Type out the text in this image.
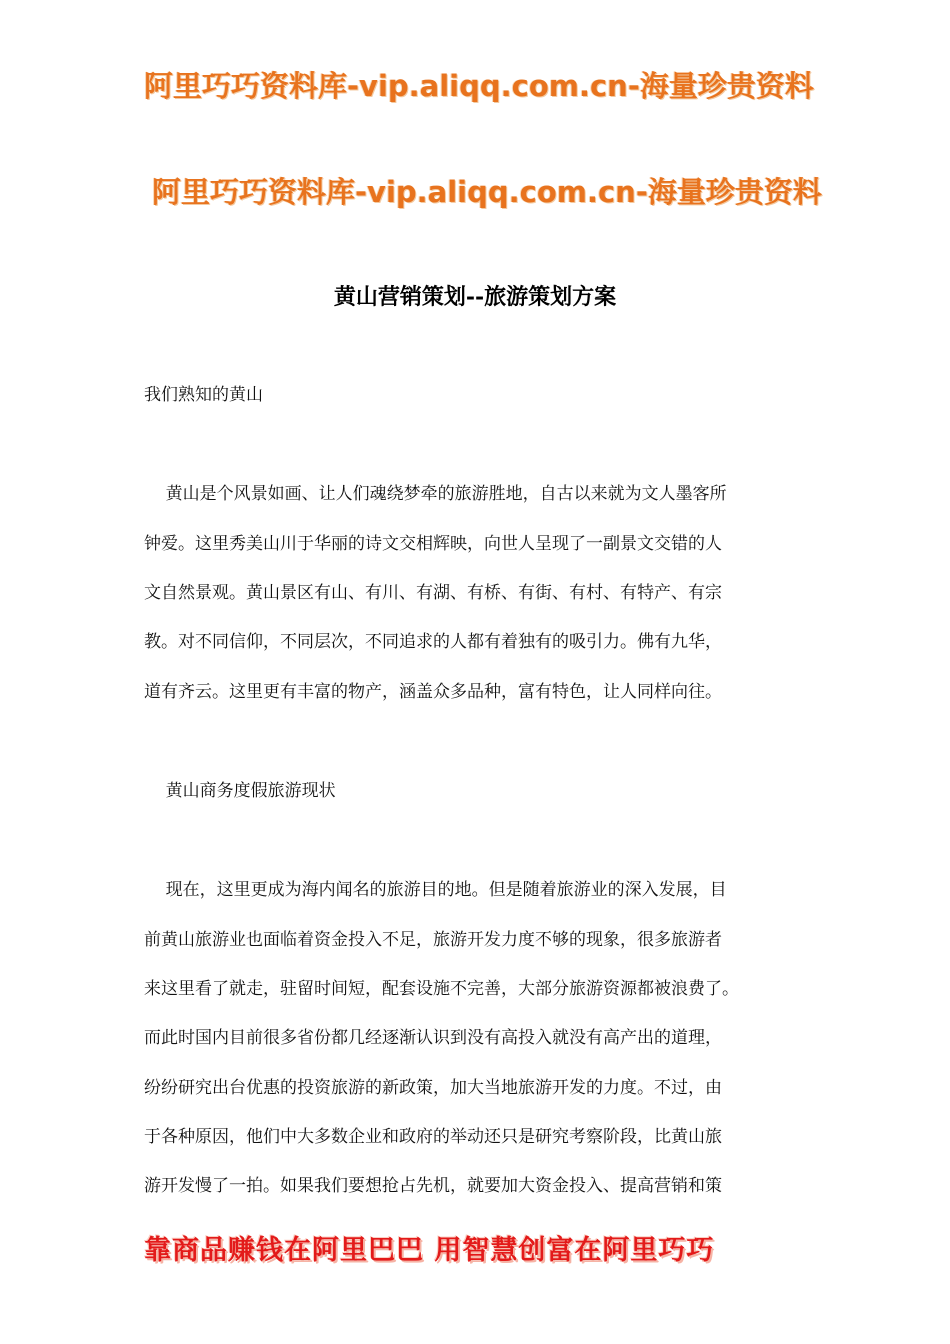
阿里巧巧资料库-vip.aliqq.com.cn-海量珍贵资料
阿里巧巧资料库-vip.aliqq.com.cn-海量珍贵资料
黄山营销策划--旅游策划方案
我们熟知的黄山
黄山是个风景如画、让人们魂绕梦牵的旅游胜地，自古以来就为文人墨客所
钟爱。这里秀美山川于华丽的诗文交相辉映，向世人呈现了一副景文交错的人
文自然景观。黄山景区有山、有川、有湖、有桥、有街、有村、有特产、有宗
教。对不同信仰，不同层次，不同追求的人都有着独有的吸引力。佛有九华，
道有齐云。这里更有丰富的物产，涵盖众多品种，富有特色，让人同样向往。
黄山商务度假旅游现状
现在，这里更成为海内闻名的旅游目的地。但是随着旅游业的深入发展，目
前黄山旅游业也面临着资金投入不足，旅游开发力度不够的现象，很多旅游者
来这里看了就走，驻留时间短，配套设施不完善，大部分旅游资源都被浪费了。
而此时国内目前很多省份都几经逐渐认识到没有高投入就没有高产出的道理，
纷纷研究出台优惠的投资旅游的新政策，加大当地旅游开发的力度。不过，由
于各种原因，他们中大多数企业和政府的举动还只是研究考察阶段，比黄山旅
游开发慢了一拍。如果我们要想抢占先机，就要加大资金投入、提高营销和策
靠商品赚钱在阿里巴巴 用智慧创富在阿里巧巧
